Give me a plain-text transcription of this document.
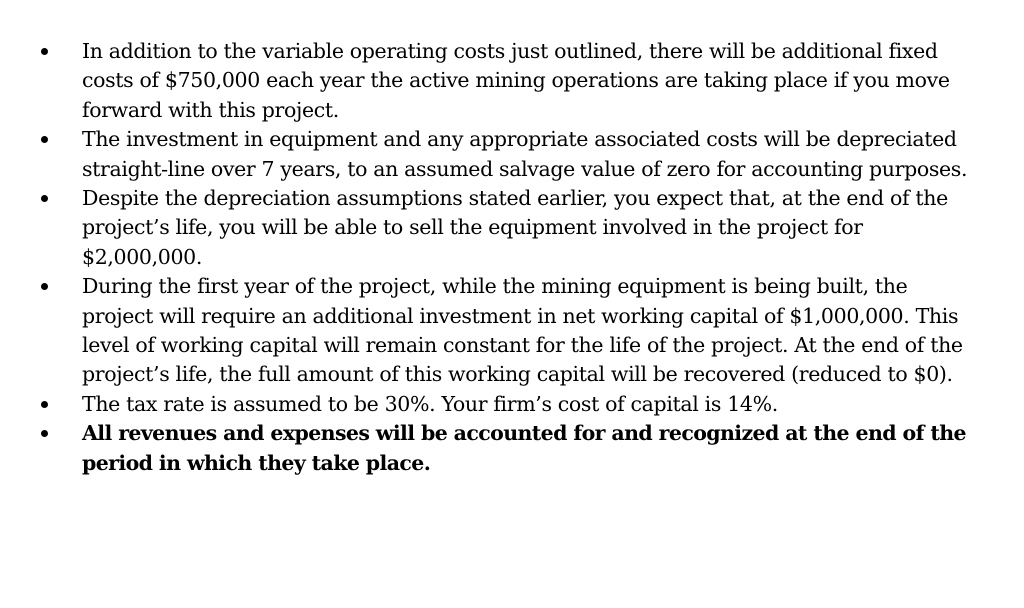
In addition to the variable operating costs just outlined, there will be additional fixed costs of $750,000 each year the active mining operations are taking place if you move forward with this project.
The investment in equipment and any appropriate associated costs will be depreciated straight-line over 7 years, to an assumed salvage value of zero for accounting purposes.
Despite the depreciation assumptions stated earlier, you expect that, at the end of the project’s life, you will be able to sell the equipment involved in the project for $2,000,000.
During the first year of the project, while the mining equipment is being built, the project will require an additional investment in net working capital of $1,000,000. This level of working capital will remain constant for the life of the project. At the end of the project’s life, the full amount of this working capital will be recovered (reduced to $0).
The tax rate is assumed to be 30%. Your firm’s cost of capital is 14%.
All revenues and expenses will be accounted for and recognized at the end of the period in which they take place.
